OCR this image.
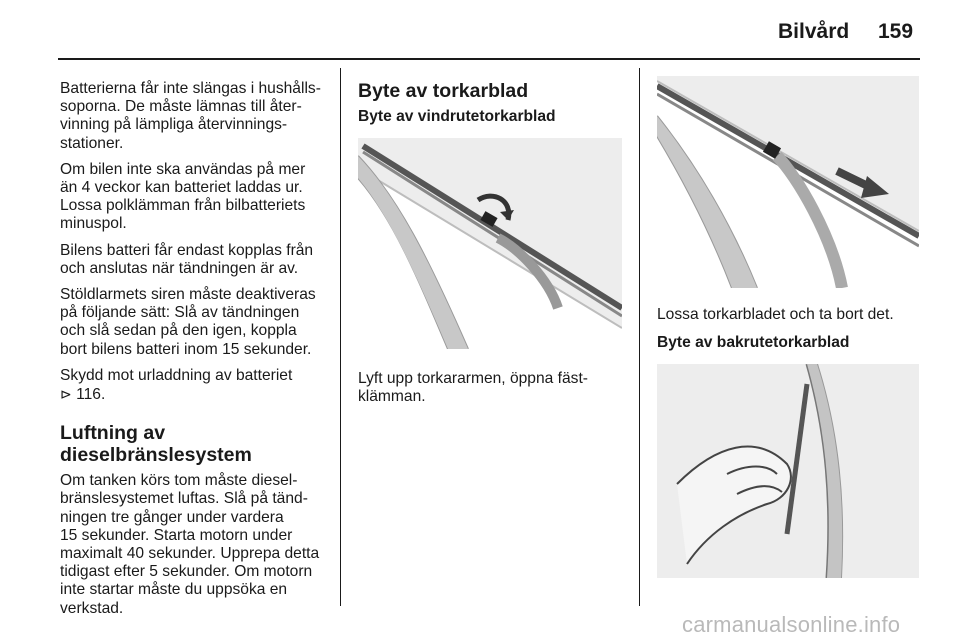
Bilvård 159

Batterierna får inte slängas i hushålls-
soporna. De måste lämnas till åter-
vinning på lämpliga återvinnings-
stationer.

Om bilen inte ska användas på mer
än 4 veckor kan batteriet laddas ur.
Lossa polklämman från bilbatteriets
minuspol.

Bilens batteri får endast kopplas från
och anslutas när tändningen är av.

Stöldlarmets siren måste deaktiveras
på följande sätt: Slå av tändningen
och slå sedan på den igen, koppla
bort bilens batteri inom 15 sekunder.

Skydd mot urladdning av batteriet
⊳ 116.

Luftning av
dieselbränslesystem

Om tanken körs tom måste diesel-
bränslesystemet luftas. Slå på tänd-
ningen tre gånger under vardera
15 sekunder. Starta motorn under
maximalt 40 sekunder. Upprepa detta
tidigast efter 5 sekunder. Om motorn
inte startar måste du uppsöka en
verkstad.

Byte av torkarblad
Byte av vindrutetorkarblad
Lyft upp torkararmen, öppna fäst-
klämman.
Lossa torkarbladet och ta bort det.
Byte av bakrutetorkarblad
carmanualsonline.info
